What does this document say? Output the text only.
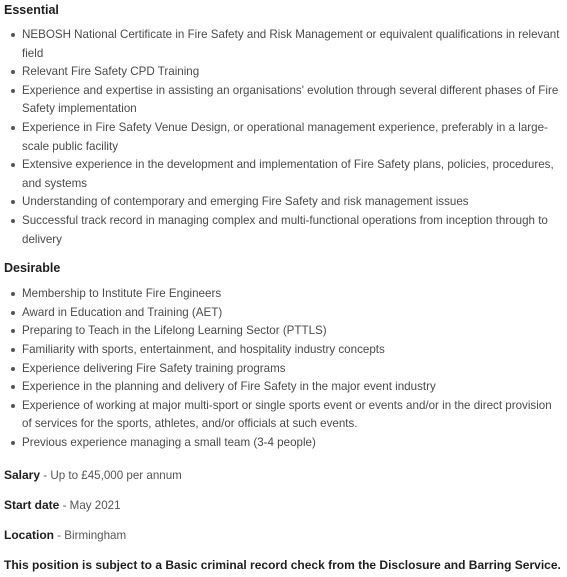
Essential
NEBOSH National Certificate in Fire Safety and Risk Management or equivalent qualifications in relevant field
Relevant Fire Safety CPD Training
Experience and expertise in assisting an organisations' evolution through several different phases of Fire Safety implementation
Experience in Fire Safety Venue Design, or operational management experience, preferably in a large-scale public facility
Extensive experience in the development and implementation of Fire Safety plans, policies, procedures, and systems
Understanding of contemporary and emerging Fire Safety and risk management issues
Successful track record in managing complex and multi-functional operations from inception through to delivery
Desirable
Membership to Institute Fire Engineers
Award in Education and Training (AET)
Preparing to Teach in the Lifelong Learning Sector (PTTLS)
Familiarity with sports, entertainment, and hospitality industry concepts
Experience delivering Fire Safety training programs
Experience in the planning and delivery of Fire Safety in the major event industry
Experience of working at major multi-sport or single sports event or events and/or in the direct provision of services for the sports, athletes, and/or officials at such events.
Previous experience managing a small team (3-4 people)

Salary - Up to £45,000 per annum

Start date - May 2021

Location - Birmingham

This position is subject to a Basic criminal record check from the Disclosure and Barring Service.
